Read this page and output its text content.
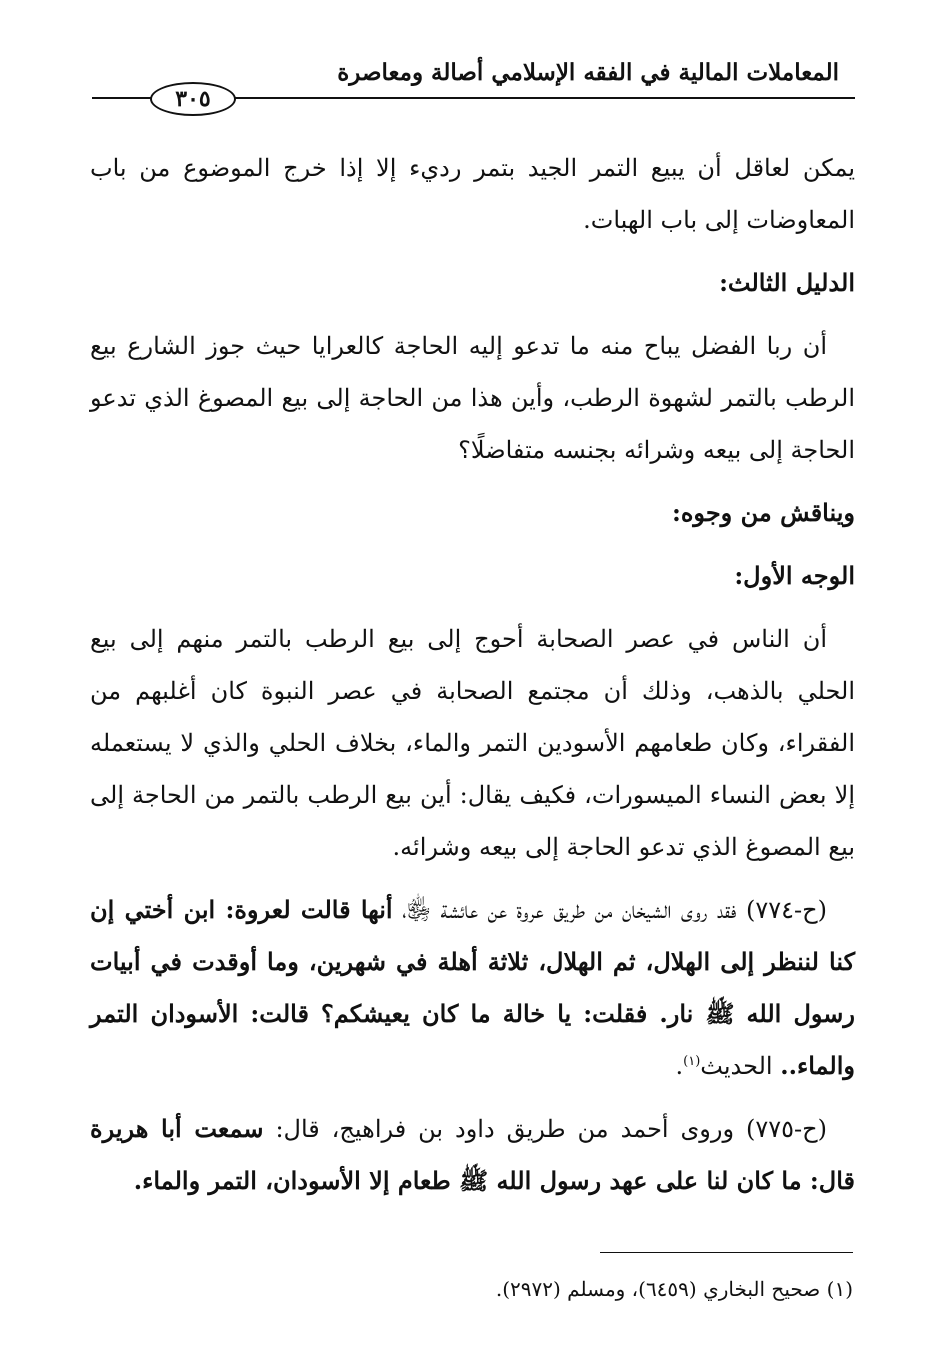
المعاملات المالية في الفقه الإسلامي أصالة ومعاصرة
٣٠٥

يمكن لعاقل أن يبيع التمر الجيد بتمر رديء إلا إذا خرج الموضوع من باب المعاوضات إلى باب الهبات.

الدليل الثالث:

أن ربا الفضل يباح منه ما تدعو إليه الحاجة كالعرايا حيث جوز الشارع بيع الرطب بالتمر لشهوة الرطب، وأين هذا من الحاجة إلى بيع المصوغ الذي تدعو الحاجة إلى بيعه وشرائه بجنسه متفاضلًا؟

ويناقش من وجوه:

الوجه الأول:

أن الناس في عصر الصحابة أحوج إلى بيع الرطب بالتمر منهم إلى بيع الحلي بالذهب، وذلك أن مجتمع الصحابة في عصر النبوة كان أغلبهم من الفقراء، وكان طعامهم الأسودين التمر والماء، بخلاف الحلي والذي لا يستعمله إلا بعض النساء الميسورات، فكيف يقال: أين بيع الرطب بالتمر من الحاجة إلى بيع المصوغ الذي تدعو الحاجة إلى بيعه وشرائه.

(ح-٧٧٤) فقد روى الشيخان من طريق عروة عن عائشة ﵂، أنها قالت لعروة: ابن أختي إن كنا لننظر إلى الهلال، ثم الهلال، ثلاثة أهلة في شهرين، وما أوقدت في أبيات رسول الله ﷺ نار. فقلت: يا خالة ما كان يعيشكم؟ قالت: الأسودان التمر والماء.. الحديث$^{(١)}$.

(ح-٧٧٥) وروى أحمد من طريق داود بن فراهيج، قال: سمعت أبا هريرة قال: ما كان لنا على عهد رسول الله ﷺ طعام إلا الأسودان، التمر والماء.

(١) صحيح البخاري (٦٤٥٩)، ومسلم (٢٩٧٢).
